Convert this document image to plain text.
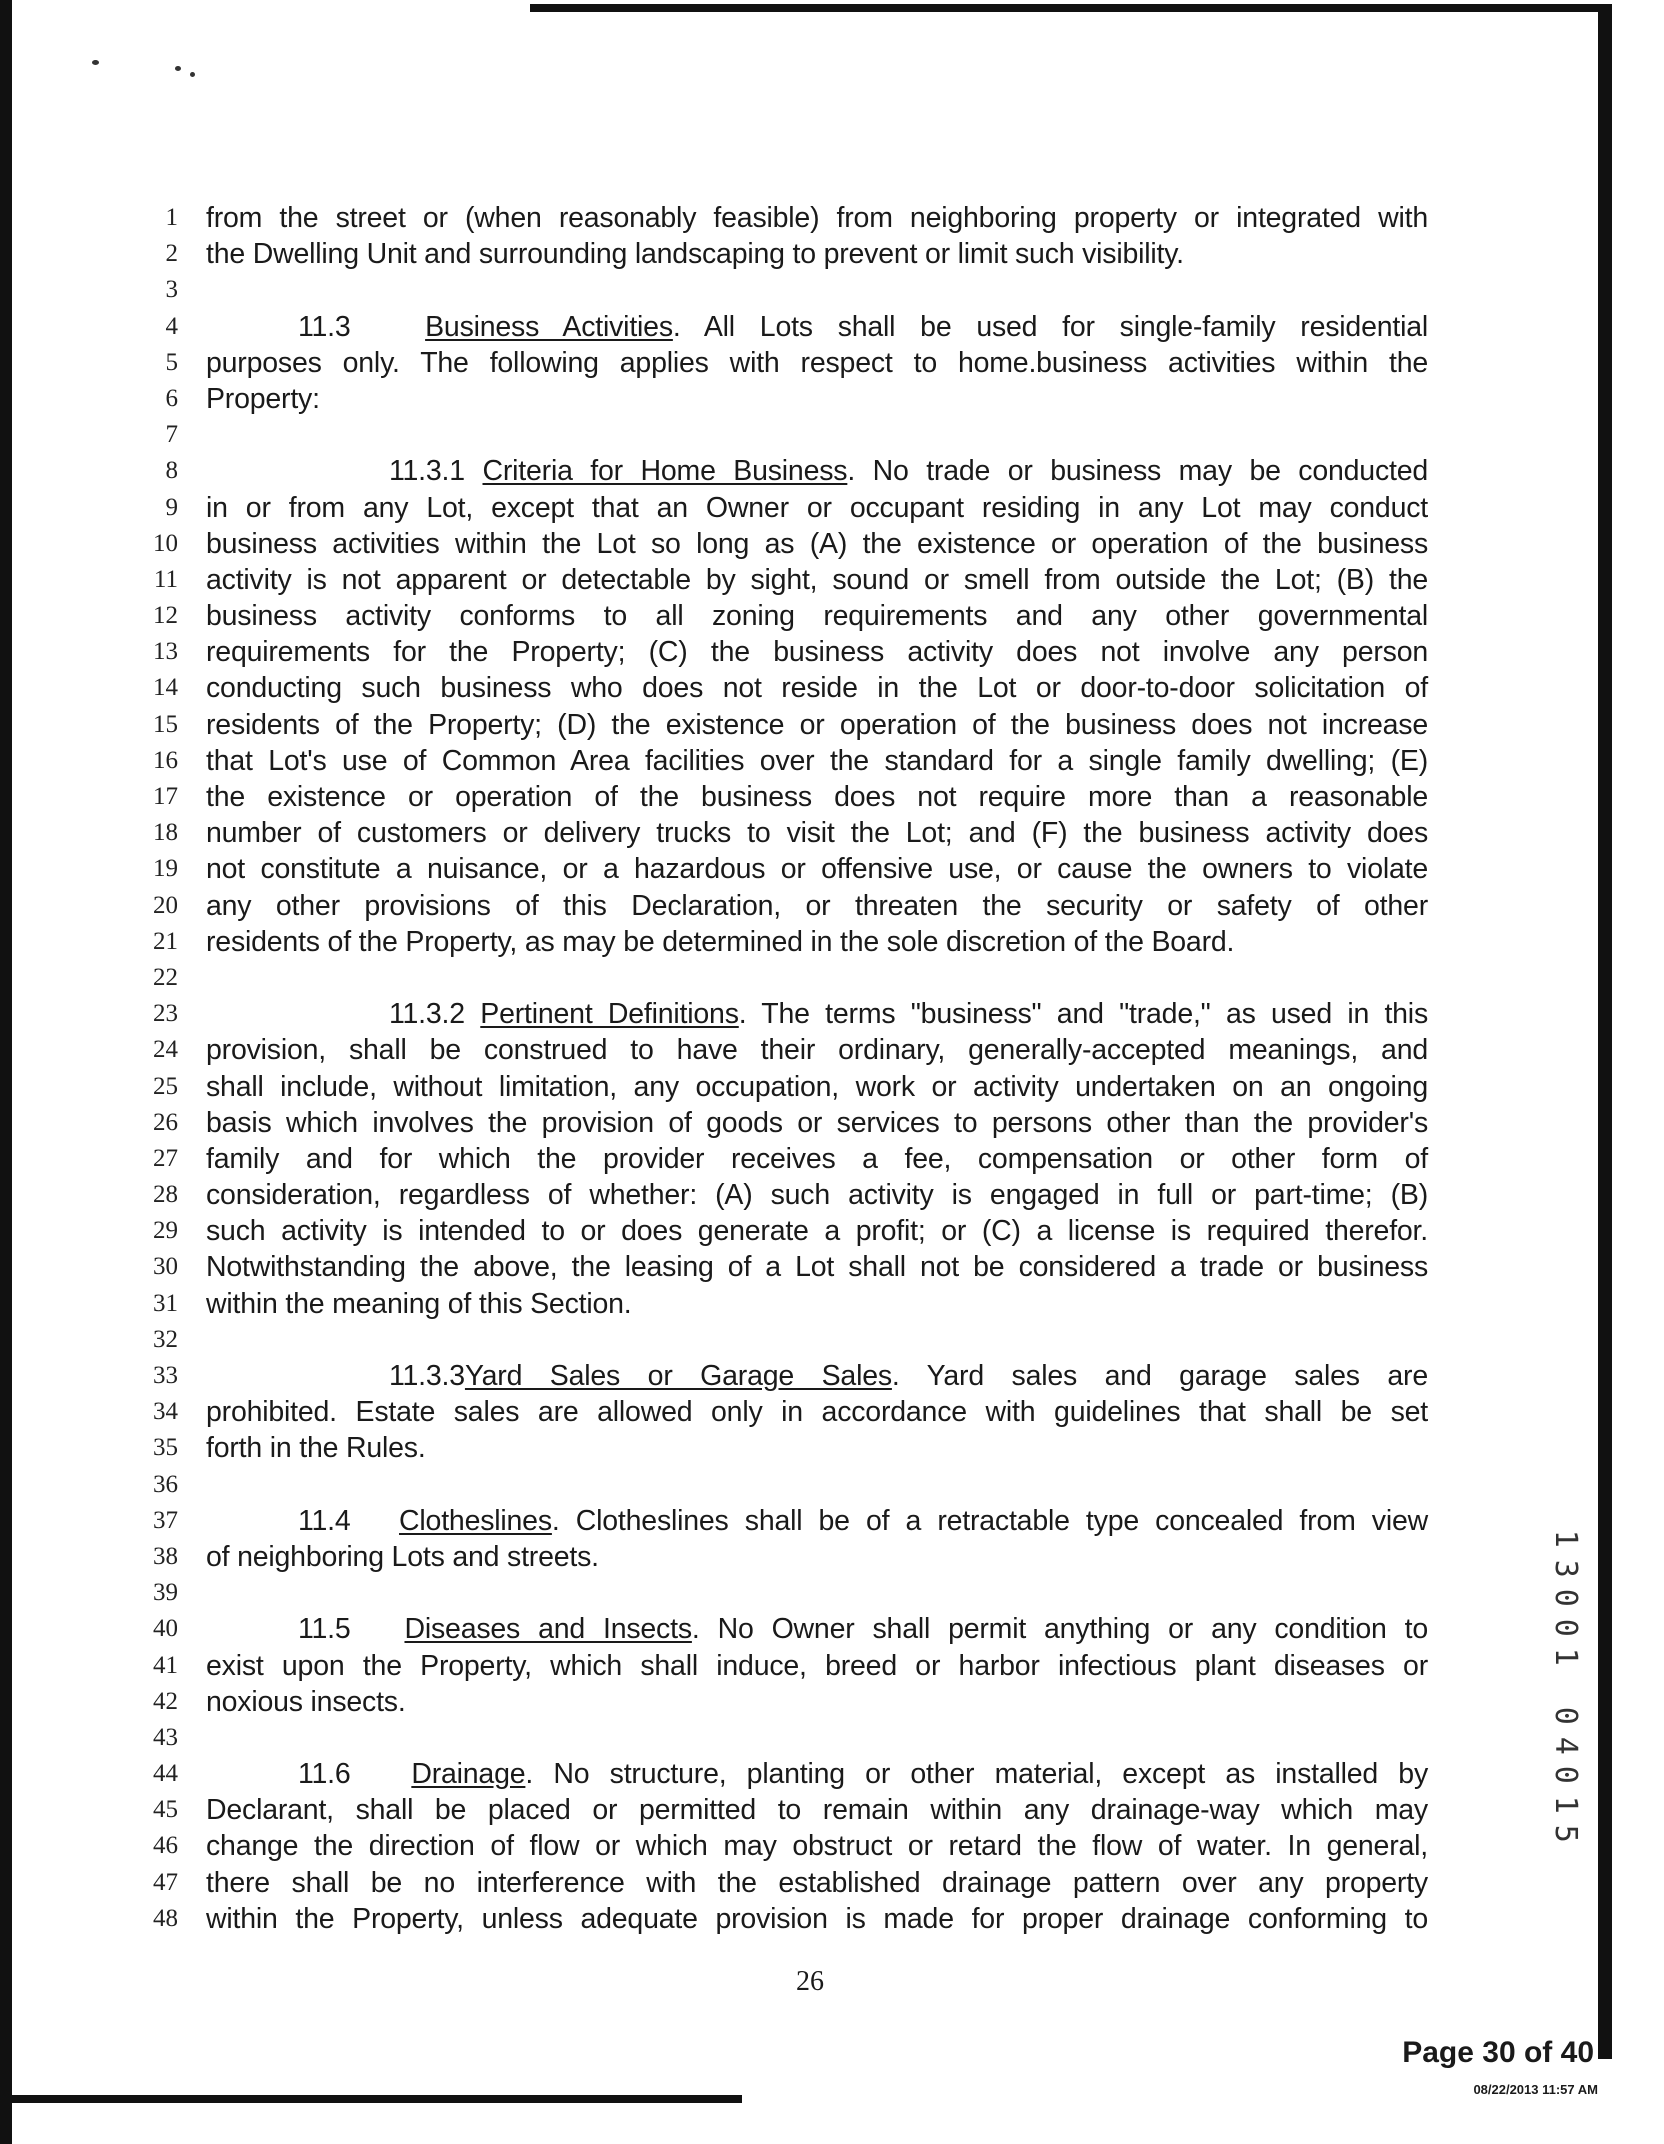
1
2
3
4
5
6
7
8
9
10
11
12
13
14
15
16
17
18
19
20
21
22
23
24
25
26
27
28
29
30
31
32
33
34
35
36
37
38
39
40
41
42
43
44
45
46
47
48
from the street or (when reasonably feasible) from neighboring property or integrated with
the Dwelling Unit and surrounding landscaping to prevent or limit such visibility.
11.3	Business Activities. All Lots shall be used for single-family residential
purposes only. The following applies with respect to home.business activities within the
Property:
11.3.1 Criteria for Home Business. No trade or business may be conducted
in or from any Lot, except that an Owner or occupant residing in any Lot may conduct
business activities within the Lot so long as (A) the existence or operation of the business
activity is not apparent or detectable by sight, sound or smell from outside the Lot; (B) the
business activity conforms to all zoning requirements and any other governmental
requirements for the Property; (C) the business activity does not involve any person
conducting such business who does not reside in the Lot or door-to-door solicitation of
residents of the Property; (D) the existence or operation of the business does not increase
that Lot's use of Common Area facilities over the standard for a single family dwelling; (E)
the existence or operation of the business does not require more than a reasonable
number of customers or delivery trucks to visit the Lot; and (F) the business activity does
not constitute a nuisance, or a hazardous or offensive use, or cause the owners to violate
any other provisions of this Declaration, or threaten the security or safety of other
residents of the Property, as may be determined in the sole discretion of the Board.
11.3.2 Pertinent Definitions. The terms "business" and "trade," as used in this
provision, shall be construed to have their ordinary, generally-accepted meanings, and
shall include, without limitation, any occupation, work or activity undertaken on an ongoing
basis which involves the provision of goods or services to persons other than the provider's
family and for which the provider receives a fee, compensation or other form of
consideration, regardless of whether: (A) such activity is engaged in full or part-time; (B)
such activity is intended to or does generate a profit; or (C) a license is required therefor.
Notwithstanding the above, the leasing of a Lot shall not be considered a trade or business
within the meaning of this Section.
11.3.3Yard Sales or Garage Sales. Yard sales and garage sales are
prohibited. Estate sales are allowed only in accordance with guidelines that shall be set
forth in the Rules.
11.4 Clotheslines. Clotheslines shall be of a retractable type concealed from view
of neighboring Lots and streets.
11.5 Diseases and Insects. No Owner shall permit anything or any condition to
exist upon the Property, which shall induce, breed or harbor infectious plant diseases or
noxious insects.
11.6 Drainage. No structure, planting or other material, except as installed by
Declarant, shall be placed or permitted to remain within any drainage-way which may
change the direction of flow or which may obstruct or retard the flow of water. In general,
there shall be no interference with the established drainage pattern over any property
within the Property, unless adequate provision is made for proper drainage conforming to
26
Page 30 of 40
08/22/2013 11:57 AM
1
3
0
0
1
0
4
0
1
5
